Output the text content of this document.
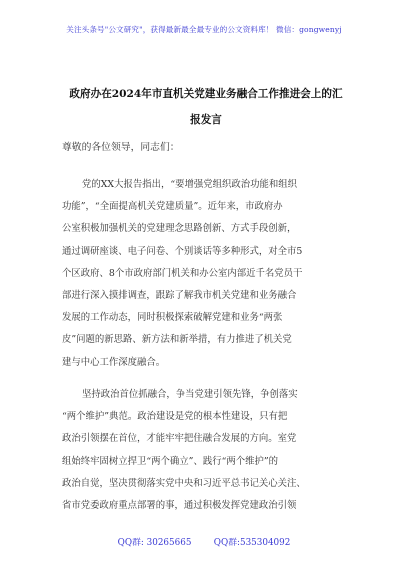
关注头条号"公文研究"，获得最新最全最专业的公文资料库！ 微信：gongwenyj
政府办在2024年市直机关党建业务融合工作推进会上的汇
报发言
尊敬的各位领导，同志们：
党的XX大报告指出，“要增强党组织政治功能和组织
功能”，“全面提高机关党建质量”。近年来，市政府办
公室积极加强机关的党建理念思路创新、方式手段创新，
通过调研座谈、电子问卷、个别谈话等多种形式，对全市5
个区政府、8个市政府部门机关和办公室内部近千名党员干
部进行深入摸排调查，跟踪了解我市机关党建和业务融合
发展的工作动态，同时积极探索破解党建和业务“两张
皮”问题的新思路、新方法和新举措，有力推进了机关党
建与中心工作深度融合。
坚持政治首位抓融合，争当党建引领先锋，争创落实
“两个维护”典范。政治建设是党的根本性建设，只有把
政治引领摆在首位，才能牢牢把住融合发展的方向。室党
组始终牢固树立捍卫“两个确立”、践行“两个维护”的
政治自觉，坚决贯彻落实党中央和习近平总书记关心关注、
省市党委政府重点部署的事，通过积极发挥党建政治引领
QQ群: 30265665        QQ群:535304092
